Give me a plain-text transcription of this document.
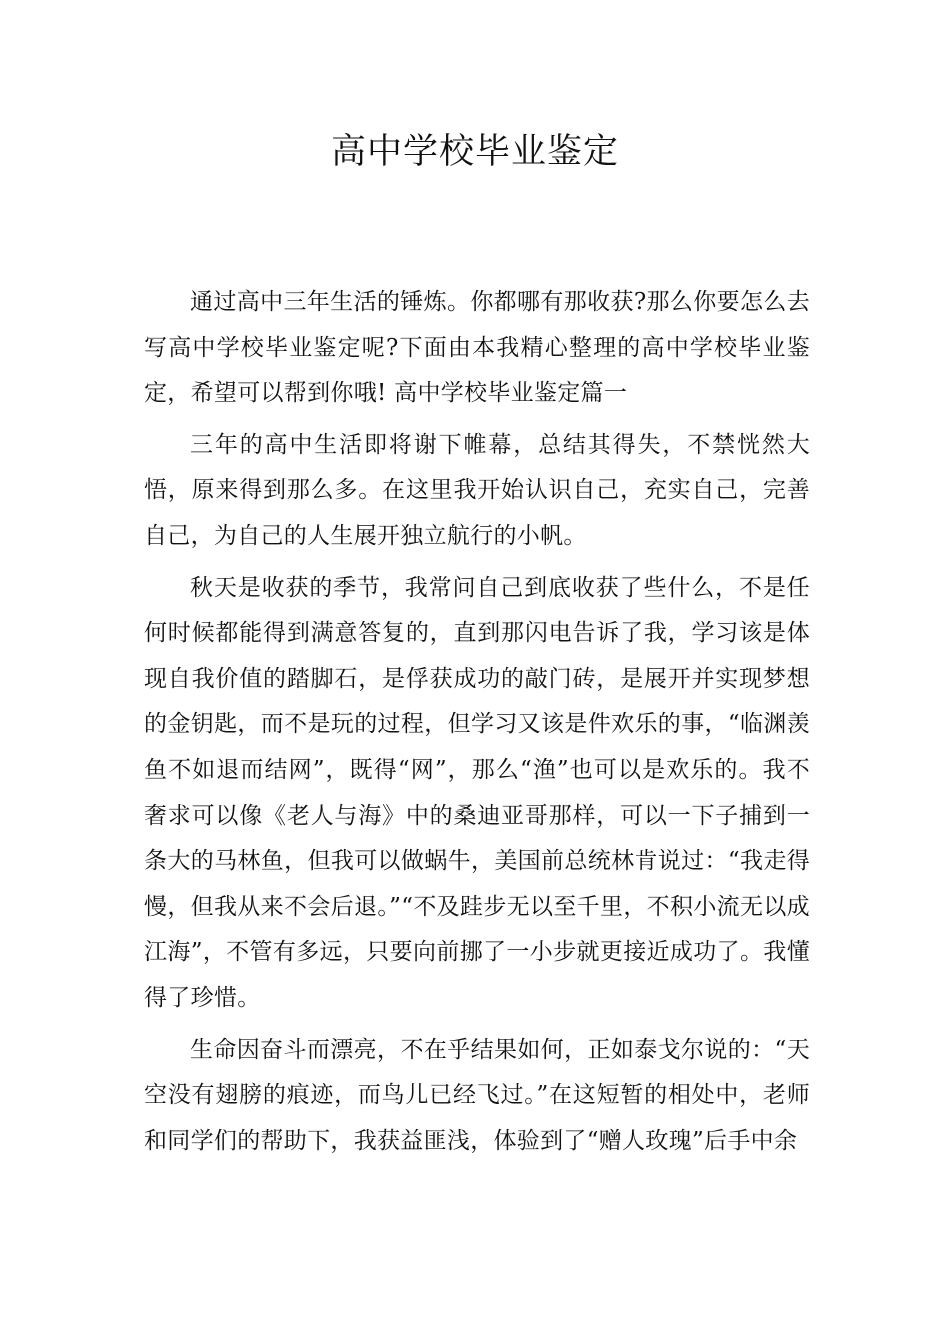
高中学校毕业鉴定

通过高中三年生活的锤炼。你都哪有那收获?那么你要怎么去写高中学校毕业鉴定呢?下面由本我精心整理的高中学校毕业鉴定，希望可以帮到你哦! 高中学校毕业鉴定篇一

三年的高中生活即将谢下帷幕，总结其得失，不禁恍然大悟，原来得到那么多。在这里我开始认识自己，充实自己，完善自己，为自己的人生展开独立航行的小帆。

秋天是收获的季节，我常问自己到底收获了些什么，不是任何时候都能得到满意答复的，直到那闪电告诉了我，学习该是体现自我价值的踏脚石，是俘获成功的敲门砖，是展开并实现梦想的金钥匙，而不是玩的过程，但学习又该是件欢乐的事，“临渊羡鱼不如退而结网”，既得“网”，那么“渔”也可以是欢乐的。我不奢求可以像《老人与海》中的桑迪亚哥那样，可以一下子捕到一条大的马林鱼，但我可以做蜗牛，美国前总统林肯说过：“我走得慢，但我从来不会后退。”“不及跬步无以至千里，不积小流无以成江海”，不管有多远，只要向前挪了一小步就更接近成功了。我懂得了珍惜。

生命因奋斗而漂亮，不在乎结果如何，正如泰戈尔说的：“天空没有翅膀的痕迹，而鸟儿已经飞过。”在这短暂的相处中，老师和同学们的帮助下，我获益匪浅，体验到了“赠人玫瑰”后手中余
